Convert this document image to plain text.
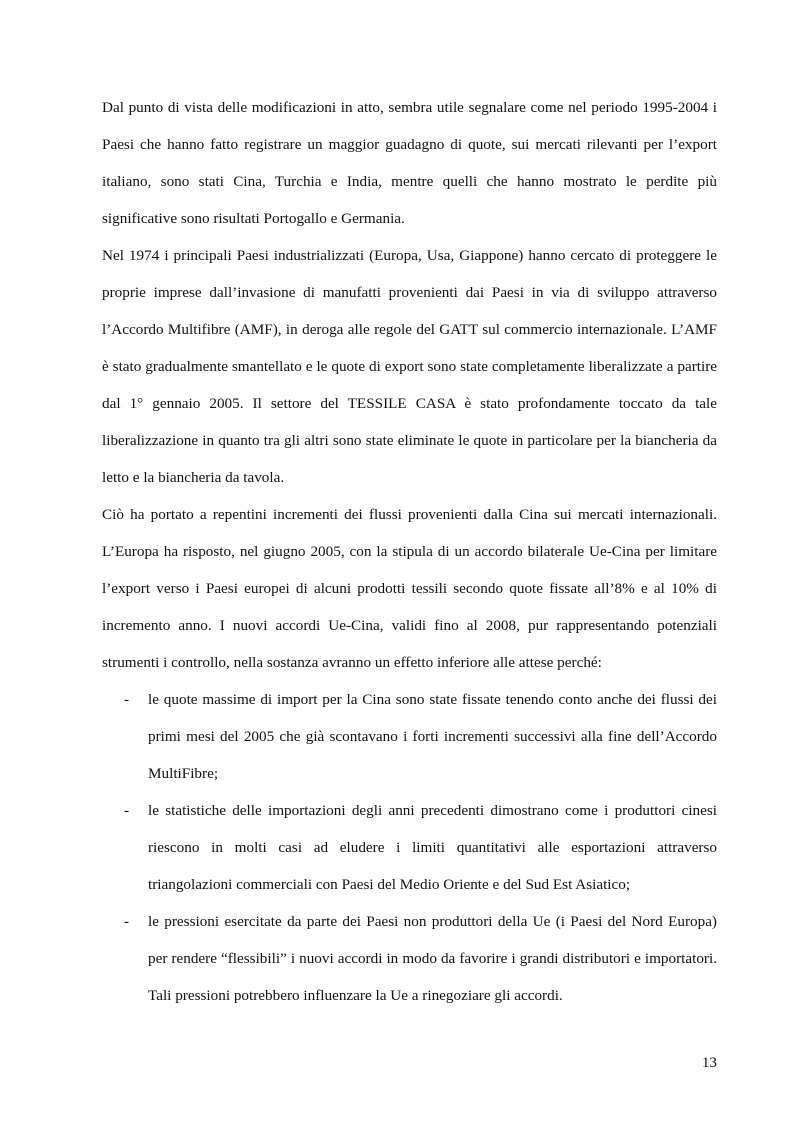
Dal punto di vista delle modificazioni in atto, sembra utile segnalare come nel periodo 1995-2004 i Paesi che hanno fatto registrare un maggior guadagno di quote, sui mercati rilevanti per l’export italiano, sono stati Cina, Turchia e India, mentre quelli che hanno mostrato le perdite più significative sono risultati Portogallo e Germania.

Nel 1974 i principali Paesi industrializzati (Europa, Usa, Giappone) hanno cercato di proteggere le proprie imprese dall’invasione di manufatti provenienti dai Paesi in via di sviluppo attraverso l’Accordo Multifibre (AMF), in deroga alle regole del GATT sul commercio internazionale. L’AMF è stato gradualmente smantellato e le quote di export sono state completamente liberalizzate a partire dal 1° gennaio 2005. Il settore del TESSILE CASA è stato profondamente toccato da tale liberalizzazione in quanto tra gli altri sono state eliminate le quote in particolare per la biancheria da letto e la biancheria da tavola.

Ciò ha portato a repentini incrementi dei flussi provenienti dalla Cina sui mercati internazionali. L’Europa ha risposto, nel giugno 2005, con la stipula di un accordo bilaterale Ue-Cina per limitare l’export verso i Paesi europei di alcuni prodotti tessili secondo quote fissate all’8% e al 10% di incremento anno. I nuovi accordi Ue-Cina, validi fino al 2008, pur rappresentando potenziali strumenti i controllo, nella sostanza avranno un effetto inferiore alle attese perché:

- le quote massime di import per la Cina sono state fissate tenendo conto anche dei flussi dei primi mesi del 2005 che già scontavano i forti incrementi successivi alla fine dell’Accordo MultiFibre;
- le statistiche delle importazioni degli anni precedenti dimostrano come i produttori cinesi riescono in molti casi ad eludere i limiti quantitativi alle esportazioni attraverso triangolazioni commerciali con Paesi del Medio Oriente e del Sud Est Asiatico;
- le pressioni esercitate da parte dei Paesi non produttori della Ue (i Paesi del Nord Europa) per rendere “flessibili” i nuovi accordi in modo da favorire i grandi distributori e importatori. Tali pressioni potrebbero influenzare la Ue a rinegoziare gli accordi.
13
